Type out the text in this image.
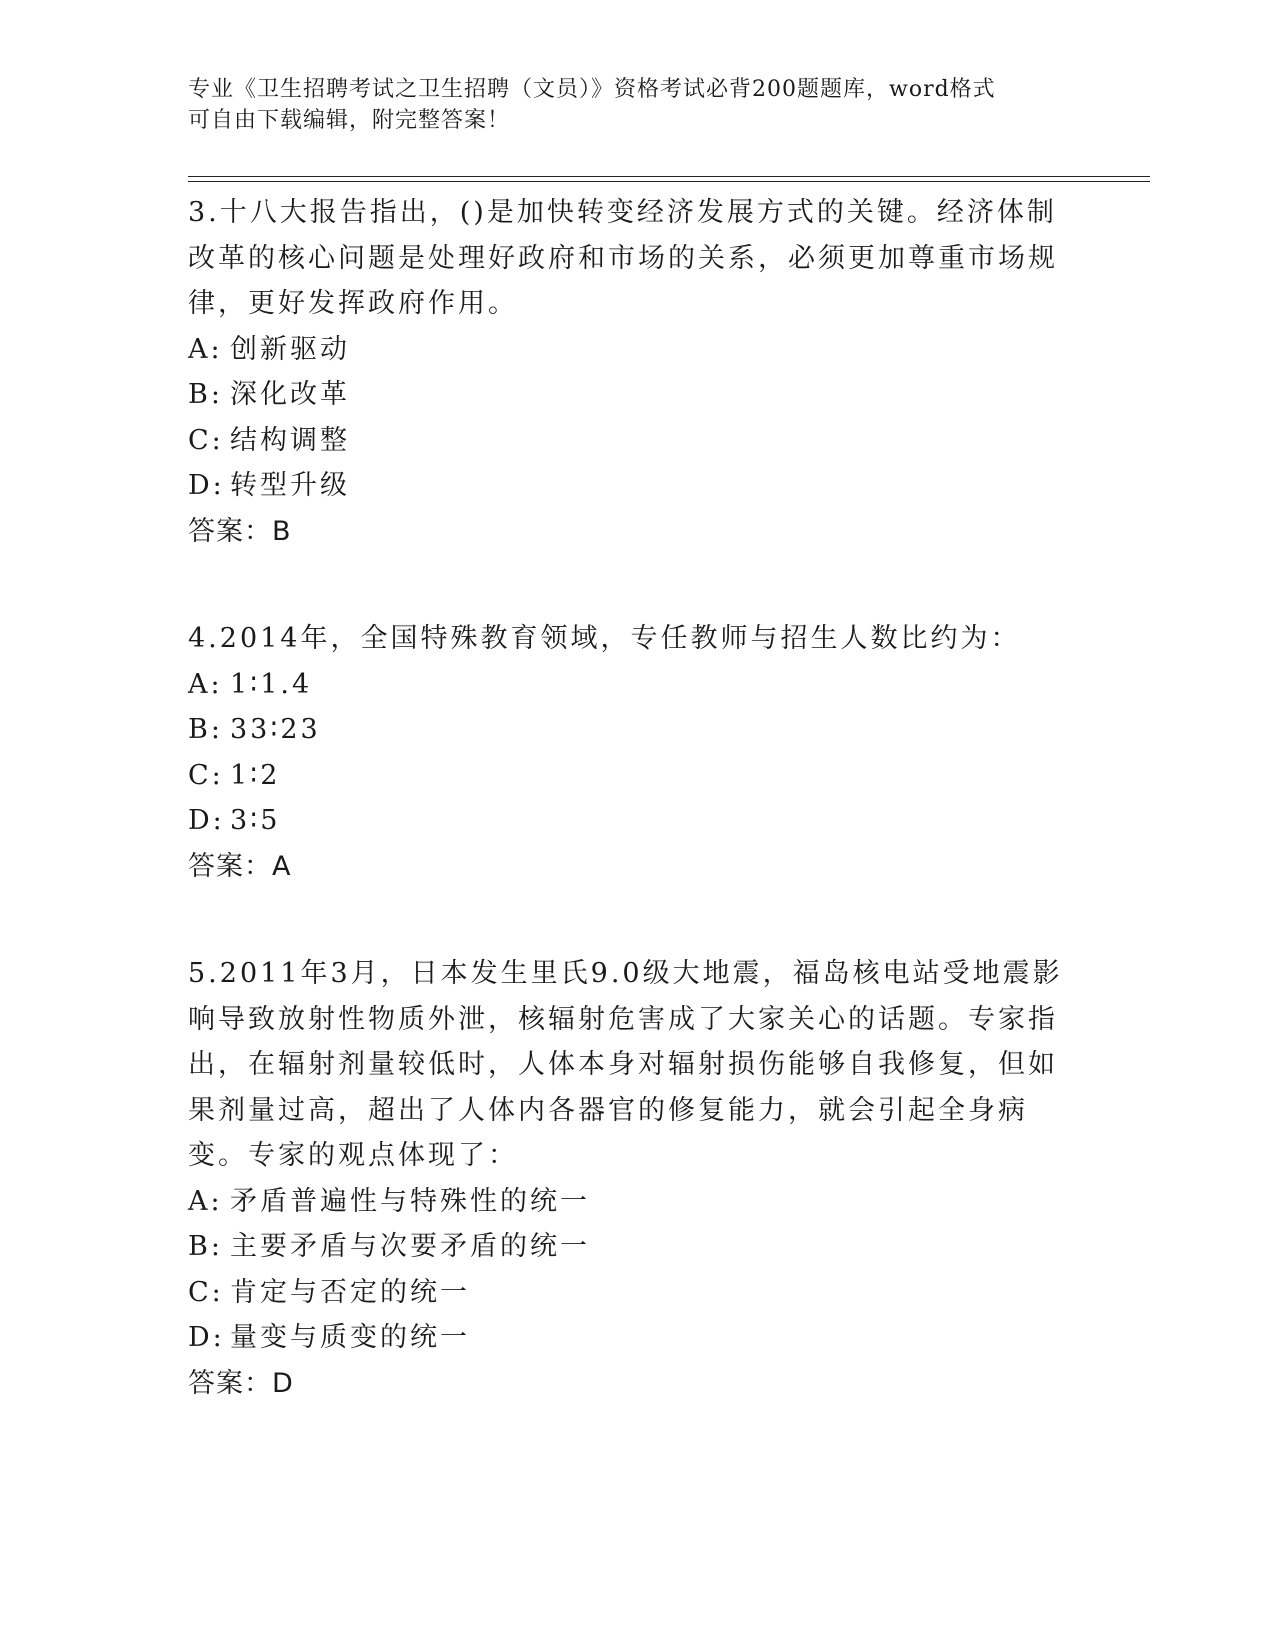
专业《卫生招聘考试之卫生招聘（文员）》资格考试必背200题题库，word格式
可自由下载编辑，附完整答案！
3.十八大报告指出，()是加快转变经济发展方式的关键。经济体制改革的核心问题是处理好政府和市场的关系，必须更加尊重市场规律，更好发挥政府作用。
A: 创新驱动
B: 深化改革
C: 结构调整
D: 转型升级
答案：B
4.2014年，全国特殊教育领域，专任教师与招生人数比约为：
A: 1∶1.4
B: 33∶23
C: 1∶2
D: 3∶5
答案：A
5.2011年3月，日本发生里氏9.0级大地震，福岛核电站受地震影响导致放射性物质外泄，核辐射危害成了大家关心的话题。专家指出，在辐射剂量较低时，人体本身对辐射损伤能够自我修复，但如果剂量过高，超出了人体内各器官的修复能力，就会引起全身病变。专家的观点体现了：
A: 矛盾普遍性与特殊性的统一
B: 主要矛盾与次要矛盾的统一
C: 肯定与否定的统一
D: 量变与质变的统一
答案：D
